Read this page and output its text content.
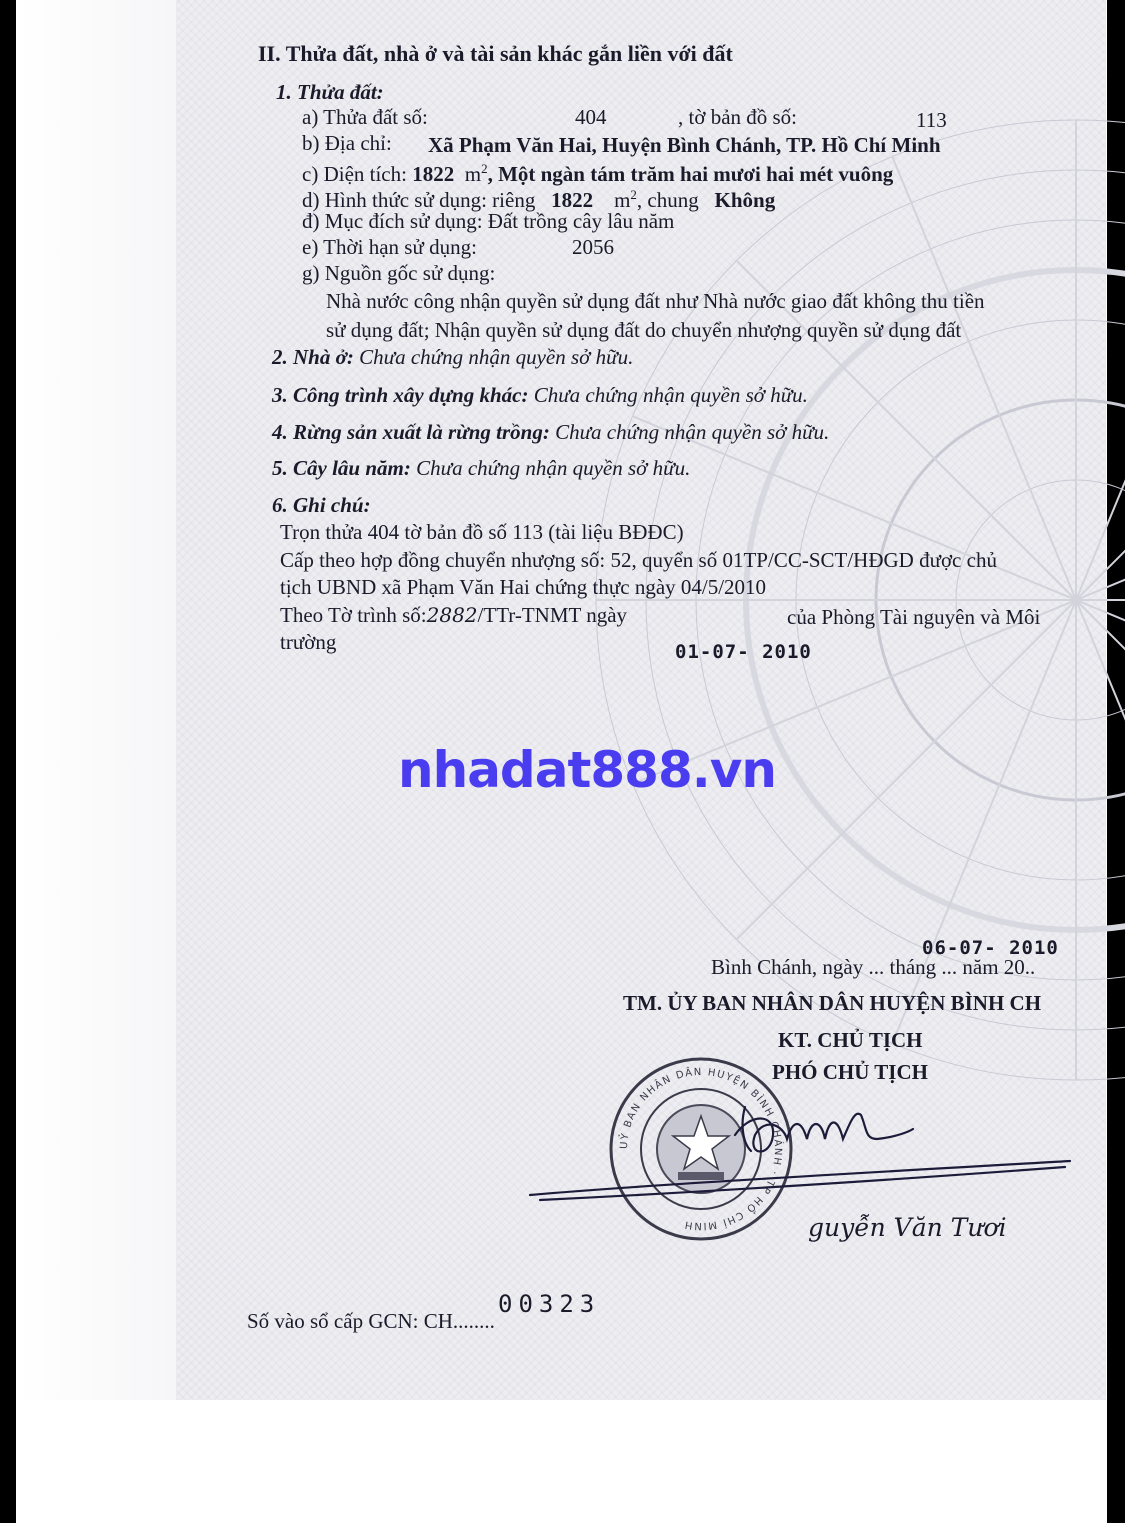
II. Thửa đất, nhà ở và tài sản khác gắn liền với đất
1. Thửa đất:
a) Thửa đất số:	404	, tờ bản đồ số:	113
b) Địa chỉ: Xã Phạm Văn Hai, Huyện Bình Chánh, TP. Hồ Chí Minh
c) Diện tích: 1822 $m^2$, Một ngàn tám trăm hai mươi hai mét vuông
d) Hình thức sử dụng: riêng 1822 $m^2$, chung Không
đ) Mục đích sử dụng: Đất trồng cây lâu năm
e) Thời hạn sử dụng:	2056
g) Nguồn gốc sử dụng:
Nhà nước công nhận quyền sử dụng đất như Nhà nước giao đất không thu tiền
sử dụng đất; Nhận quyền sử dụng đất do chuyển nhượng quyền sử dụng đất
2. Nhà ở: Chưa chứng nhận quyền sở hữu.
3. Công trình xây dựng khác: Chưa chứng nhận quyền sở hữu.
4. Rừng sản xuất là rừng trồng: Chưa chứng nhận quyền sở hữu.
5. Cây lâu năm: Chưa chứng nhận quyền sở hữu.
6. Ghi chú:
Trọn thửa 404 tờ bản đồ số 113 (tài liệu BĐĐC)
Cấp theo hợp đồng chuyển nhượng số: 52, quyển số 01TP/CC-SCT/HĐGD được chủ
tịch UBND xã Phạm Văn Hai chứng thực ngày 04/5/2010
Theo Tờ trình số:2882/TTr-TNMT ngày	của Phòng Tài nguyên và Môi
trường	01-07- 2010
nhadat888.vn
06-07- 2010
Bình Chánh, ngày ... tháng ... năm 20..
TM. ỦY BAN NHÂN DÂN HUYỆN BÌNH CH
KT. CHỦ TỊCH
PHÓ CHỦ TỊCH
UỶ BAN NHÂN DÂN HUYỆN BÌNH CHÁNH · TP HỒ CHÍ MINH	guyễn Văn Tươi
Số vào sổ cấp GCN: CH........
00323
